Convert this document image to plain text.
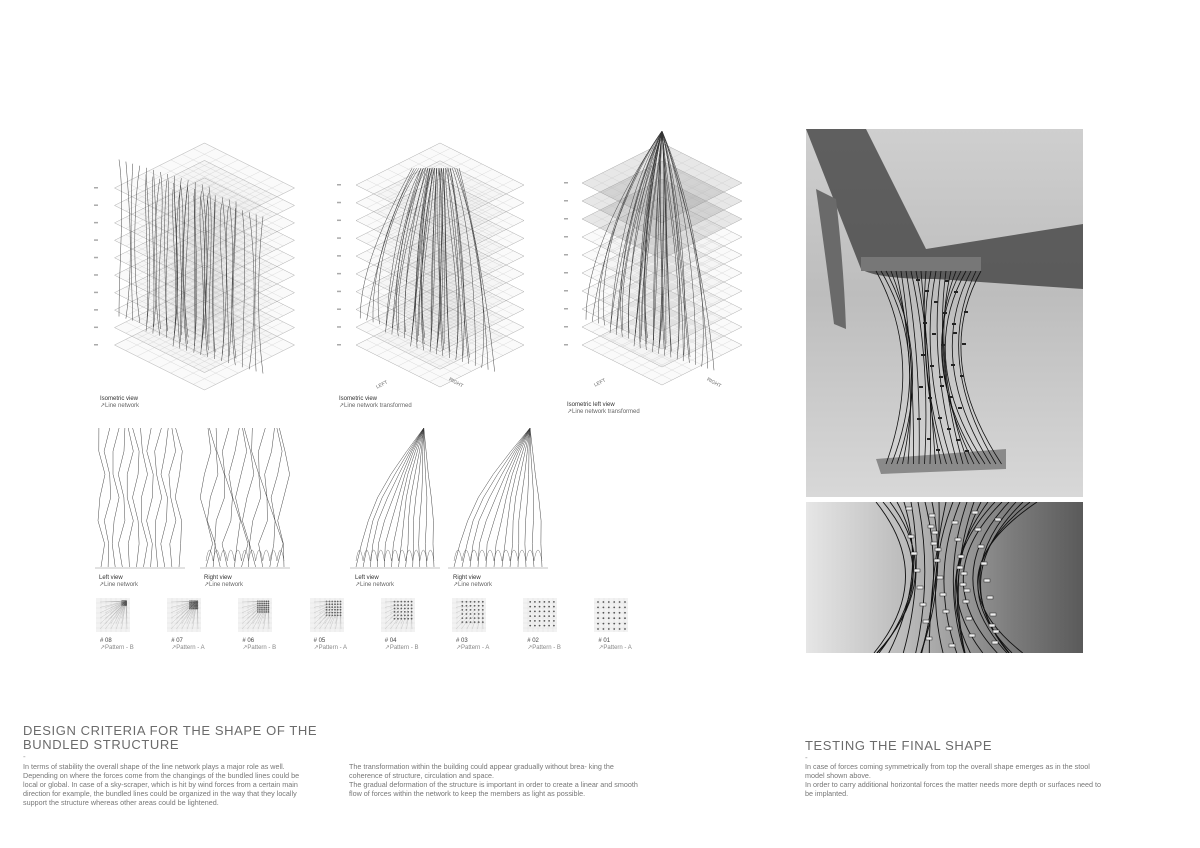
Isometric view
↗ Line network
LEFT	RIGHT
Isometric view
↗ Line network transformed
LEFT	RIGHT
Isometric left view
↗ Line network transformed
Left view
↗ Line network
Right view
↗ Line network
Left view
↗ Line network
Right view
↗ Line network
# 08
↗ Pattern - B
# 07
↗ Pattern - A
# 06
↗ Pattern - B
# 05
↗ Pattern - A
# 04
↗ Pattern - B
# 03
↗ Pattern - A
# 02
↗ Pattern - B
# 01
↗ Pattern - A
DESIGN CRITERIA FOR THE SHAPE OF THE
BUNDLED STRUCTURE
-
In terms of stability the overall shape of the line network plays a major role as well. Depending on where the forces come from the changings of the bundled lines could be local or global. In case of a sky-scraper, which is hit by wind forces from a certain main direction for example, the bundled lines could be organized in the way that they locally support the structure whereas other areas could be lightened.
The transformation within the building could appear gradually without brea- king the coherence of structure, circulation and space.
The gradual deformation of the structure is important in order to create a linear and smooth flow of forces within the network to keep the members as light as possible.
TESTING THE FINAL SHAPE
-
In case of forces coming symmetrically from top the overall shape emerges as in the stool model shown above.
In order to carry additional horizontal forces the matter needs more depth or surfaces need to be implanted.
